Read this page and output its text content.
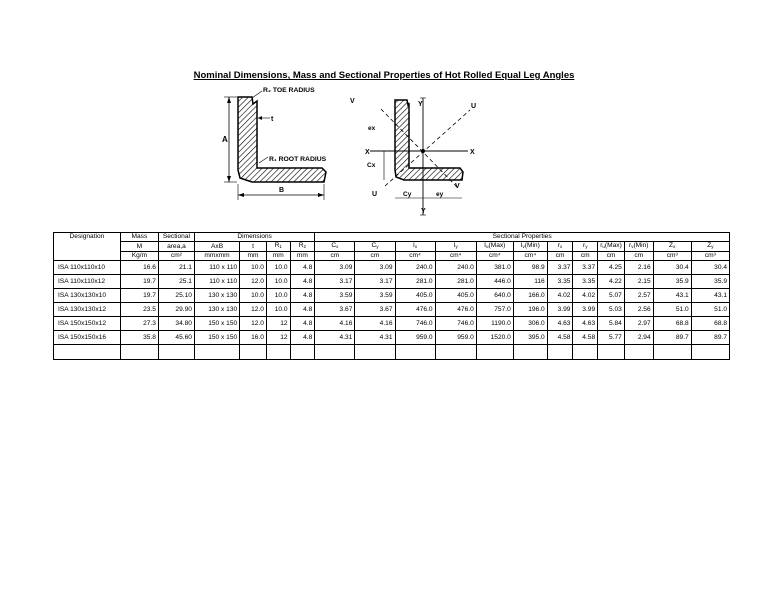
Nominal Dimensions, Mass and Sectional Properties of Hot Rolled Equal Leg Angles

A
B
t
R₂ TOE RADIUS
R₁ ROOT RADIUS
Y
Y
X	X
U
U
V
V
ex
Cx
Cy	ey
Designation	Mass	Sectional	Dimensions				Sectional Properties											
	M	area,a	AxB	t	$R_1$	$R_2$	$C_x$	$C_y$	$I_x$	$I_y$	$I_u(Max)$	$I_v(Min)$	$r_x$	$r_y$	$r_u(Max)$	$r_v(Min)$	$Z_x$	$Z_y$
	Kg/m	cm²	mmxmm	mm	mm	mm	cm	cm	cm⁴	cm⁴	cm⁴	cm⁴	cm	cm	cm	cm	cm³	cm³
ISA 110x110x10	16.6	21.1	110 x 110	10.0	10.0	4.8	3.09	3.09	240.0	240.0	381.0	98.9	3.37	3.37	4.25	2.16	30.4	30.4
ISA 110x110x12	19.7	25.1	110 x 110	12.0	10.0	4.8	3.17	3.17	281.0	281.0	446.0	116	3.35	3.35	4.22	2.15	35.9	35.9
ISA 130x130x10	19.7	25.10	130 x 130	10.0	10.0	4.8	3.59	3.59	405.0	405.0	640.0	166.0	4.02	4.02	5.07	2.57	43.1	43.1
ISA 130x130x12	23.5	29.90	130 x 130	12.0	10.0	4.8	3.67	3.67	476.0	476.0	757.0	196.0	3.99	3.99	5.03	2.56	51.0	51.0
ISA 150x150x12	27.3	34.80	150 x 150	12.0	12	4.8	4.16	4.16	746.0	746.0	1190.0	306.0	4.63	4.63	5.84	2.97	68.8	68.8
ISA 150x150x16	35.8	45.60	150 x 150	16.0	12	4.8	4.31	4.31	959.0	959.0	1520.0	395.0	4.58	4.58	5.77	2.94	89.7	89.7
